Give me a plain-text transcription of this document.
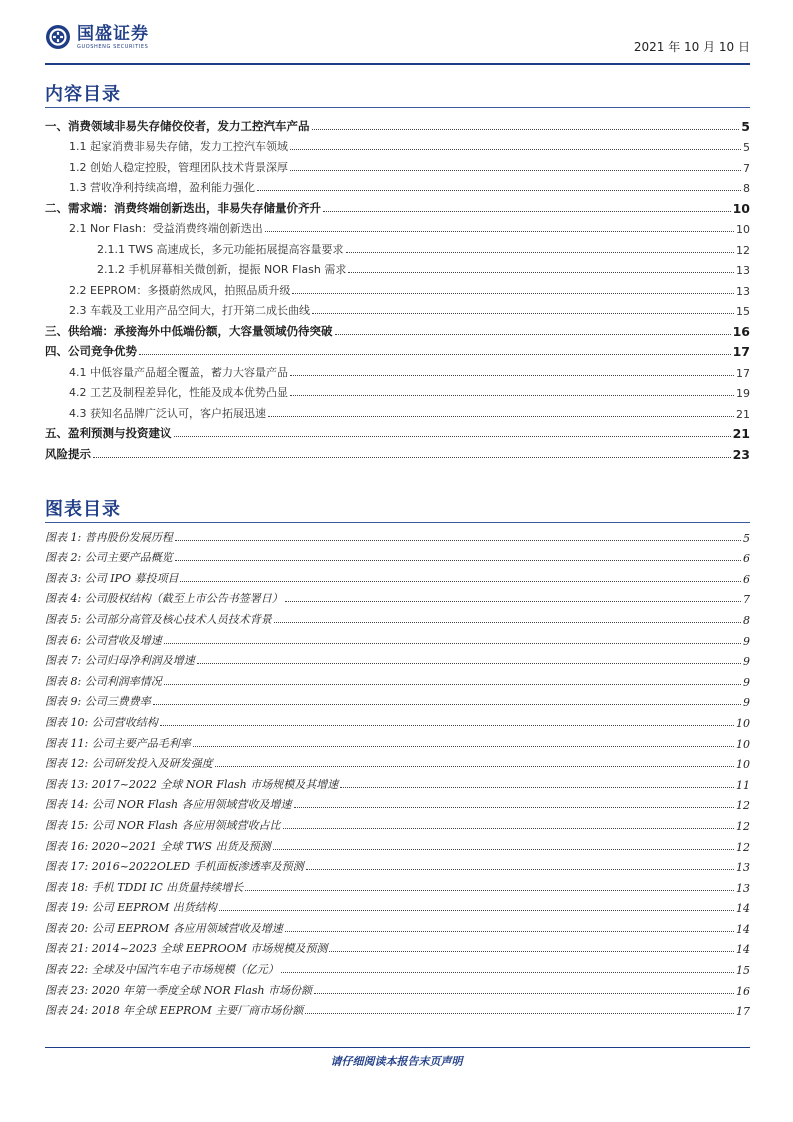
国盛证券
GUOSHENG SECURITIES	2021 年 10 月 10 日
内容目录
一、消费领域非易失存储佼佼者，发力工控汽车产品	5
1.1 起家消费非易失存储，发力工控汽车领域	5
1.2 创始人稳定控股，管理团队技术背景深厚	7
1.3 营收净利持续高增，盈利能力强化	8
二、需求端：消费终端创新迭出，非易失存储量价齐升	10
2.1 Nor Flash：受益消费终端创新迭出	10
2.1.1 TWS 高速成长，多元功能拓展提高容量要求	12
2.1.2 手机屏幕相关微创新，提振 NOR Flash 需求	13
2.2 EEPROM：多摄蔚然成风，拍照品质升级	13
2.3 车载及工业用产品空间大，打开第二成长曲线	15
三、供给端：承接海外中低端份额，大容量领域仍待突破	16
四、公司竞争优势	17
4.1 中低容量产品超全覆盖，蓄力大容量产品	17
4.2 工艺及制程差异化，性能及成本优势凸显	19
4.3 获知名品牌广泛认可，客户拓展迅速	21
五、盈利预测与投资建议	21
风险提示	23
图表目录
图表 1: 普冉股份发展历程	5
图表 2: 公司主要产品概览	6
图表 3: 公司 IPO 募投项目	6
图表 4: 公司股权结构（截至上市公告书签署日）	7
图表 5: 公司部分高管及核心技术人员技术背景	8
图表 6: 公司营收及增速	9
图表 7: 公司归母净利润及增速	9
图表 8: 公司利润率情况	9
图表 9: 公司三费费率	9
图表 10: 公司营收结构	10
图表 11: 公司主要产品毛利率	10
图表 12: 公司研发投入及研发强度	10
图表 13: 2017~2022 全球 NOR Flash 市场规模及其增速	11
图表 14: 公司 NOR Flash 各应用领域营收及增速	12
图表 15: 公司 NOR Flash 各应用领域营收占比	12
图表 16: 2020~2021 全球 TWS 出货及预测	12
图表 17: 2016~2022OLED 手机面板渗透率及预测	13
图表 18: 手机 TDDI IC 出货量持续增长	13
图表 19: 公司 EEPROM 出货结构	14
图表 20: 公司 EEPROM 各应用领域营收及增速	14
图表 21: 2014~2023 全球 EEPROOM 市场规模及预测	14
图表 22: 全球及中国汽车电子市场规模（亿元）	15
图表 23: 2020 年第一季度全球 NOR Flash 市场份额	16
图表 24: 2018 年全球 EEPROM 主要厂商市场份额	17
请仔细阅读本报告末页声明
